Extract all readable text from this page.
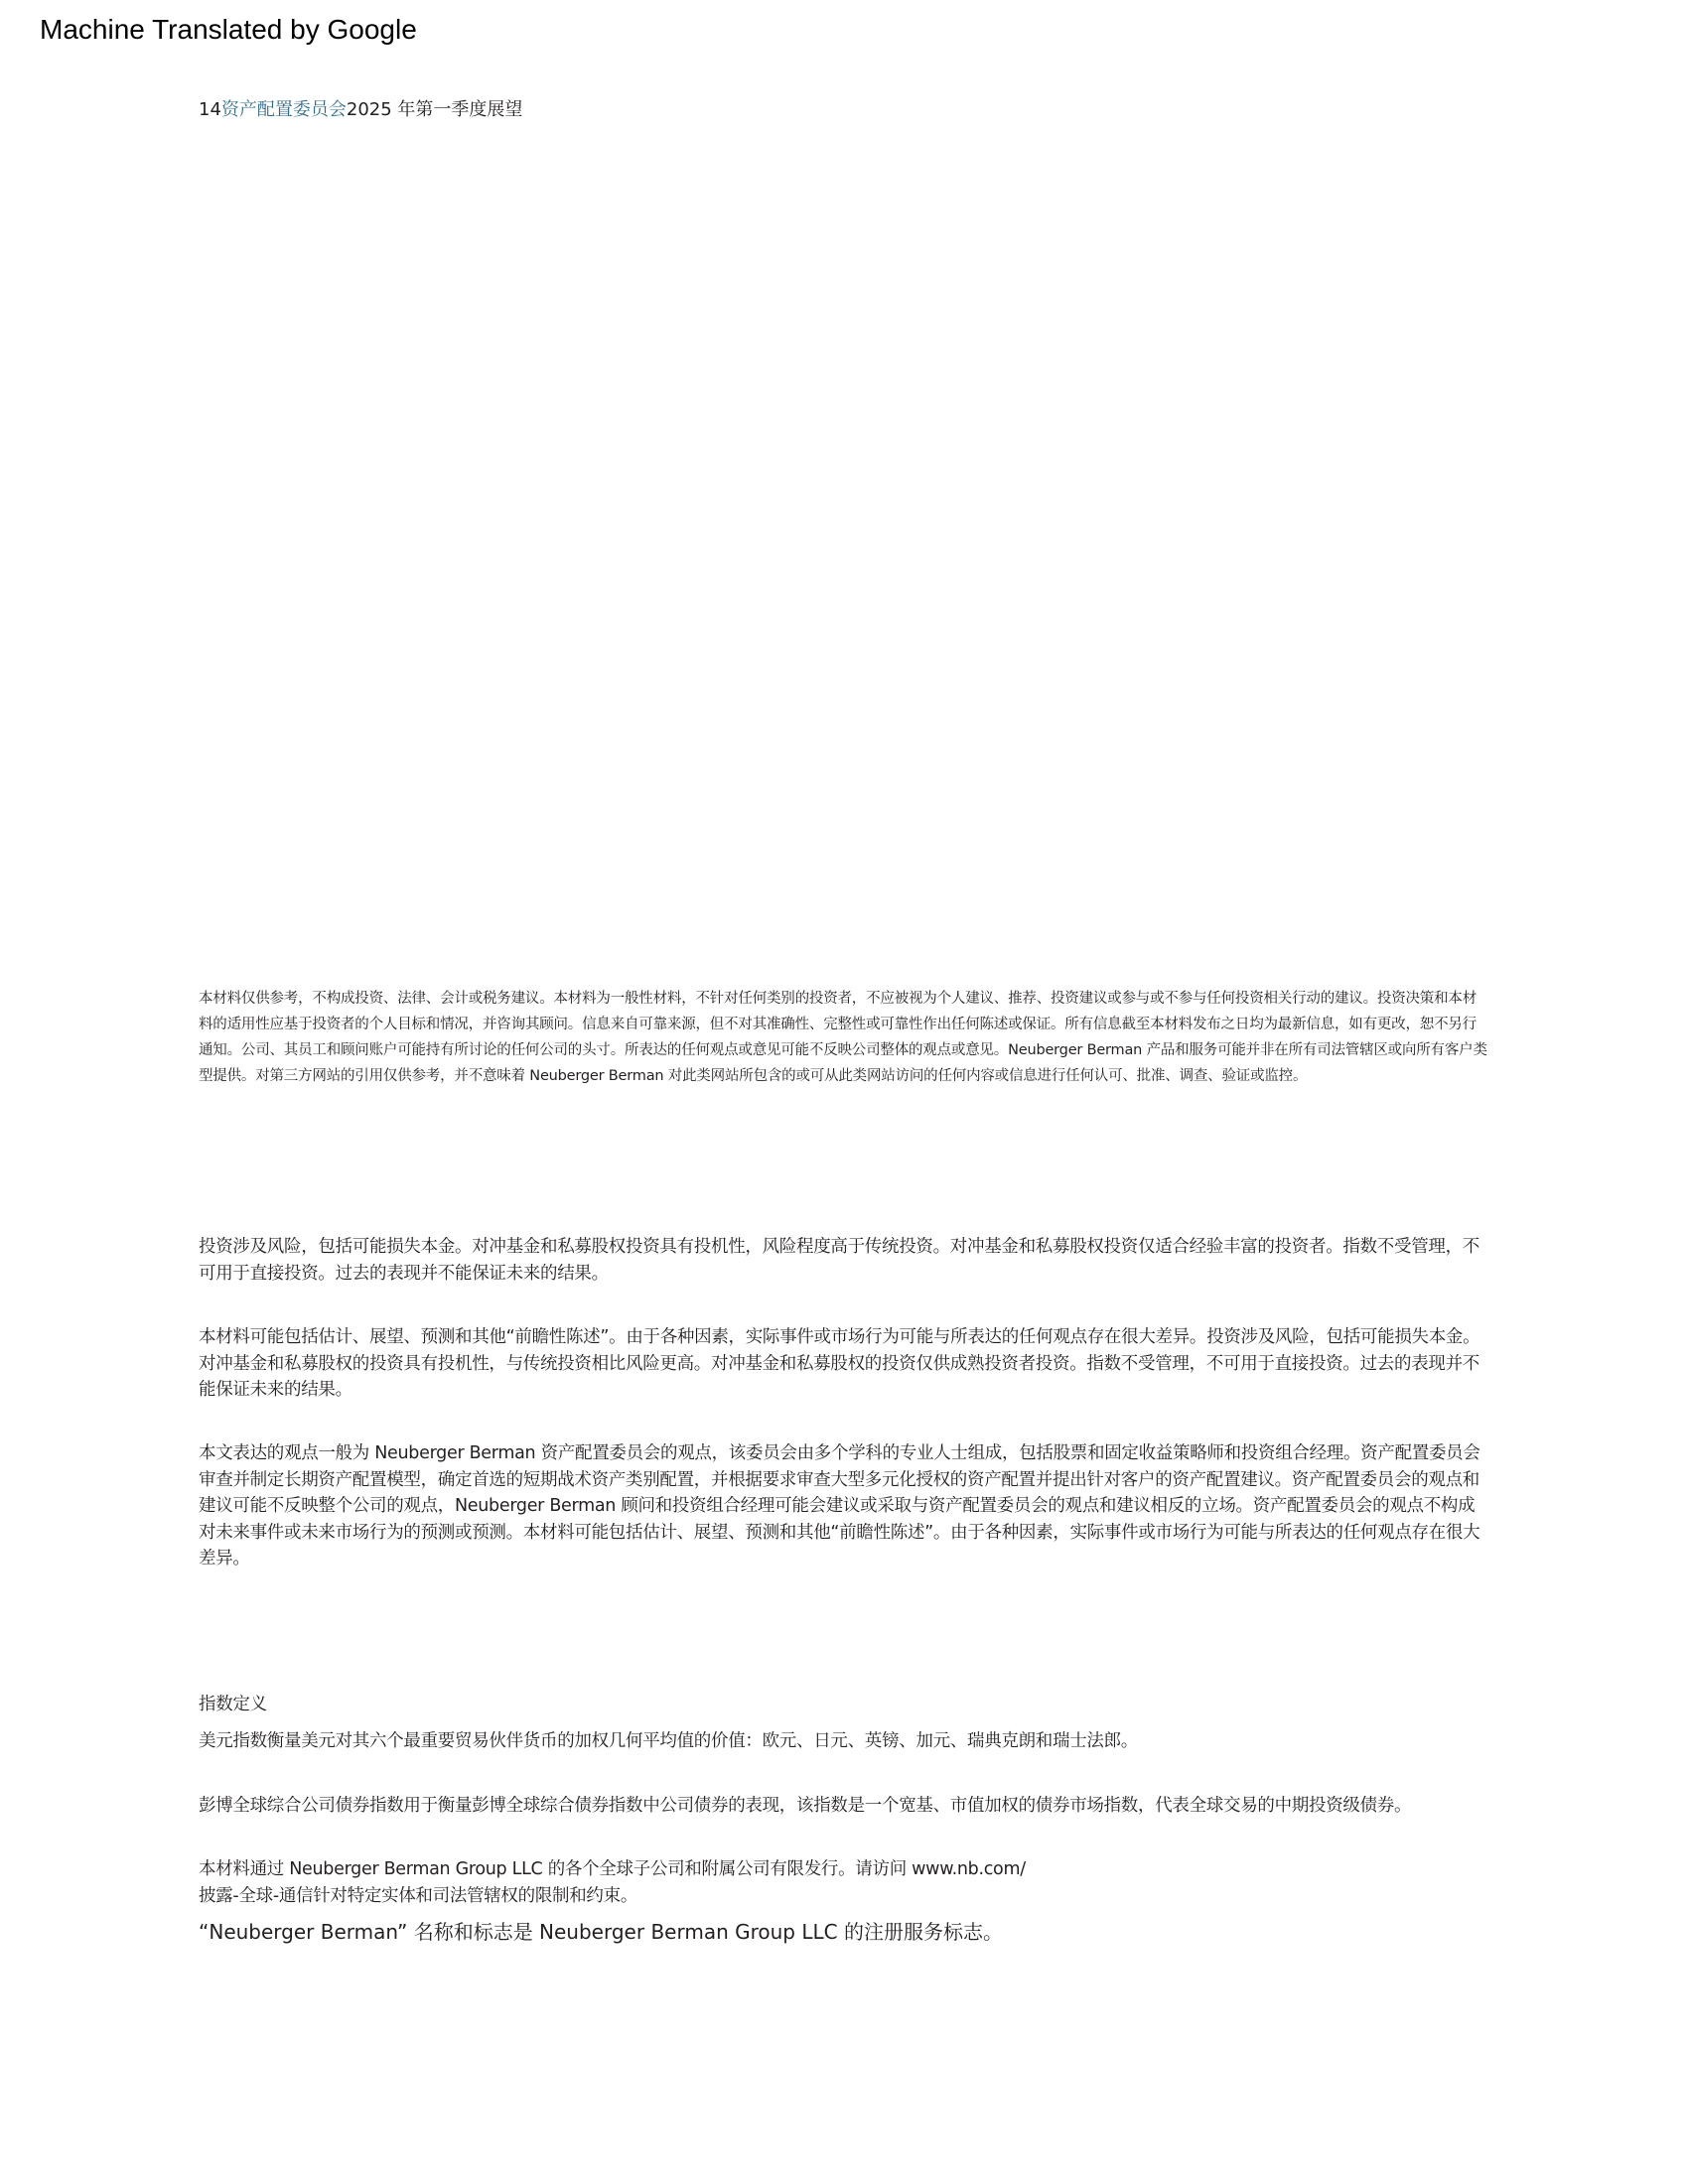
Machine Translated by Google
14资产配置委员会2025 年第一季度展望

本材料仅供参考，不构成投资、法律、会计或税务建议。本材料为一般性材料，不针对任何类别的投资者，不应被视为个人建议、推荐、投资建议或参与或不参与任何投资相关行动的建议。投资决策和本材料的适用性应基于投资者的个人目标和情况，并咨询其顾问。信息来自可靠来源，但不对其准确性、完整性或可靠性作出任何陈述或保证。所有信息截至本材料发布之日均为最新信息，如有更改，恕不另行通知。公司、其员工和顾问账户可能持有所讨论的任何公司的头寸。所表达的任何观点或意见可能不反映公司整体的观点或意见。Neuberger Berman 产品和服务可能并非在所有司法管辖区或向所有客户类型提供。对第三方网站的引用仅供参考，并不意味着 Neuberger Berman 对此类网站所包含的或可从此类网站访问的任何内容或信息进行任何认可、批准、调查、验证或监控。

投资涉及风险，包括可能损失本金。对冲基金和私募股权投资具有投机性，风险程度高于传统投资。对冲基金和私募股权投资仅适合经验丰富的投资者。指数不受管理，不可用于直接投资。过去的表现并不能保证未来的结果。

本材料可能包括估计、展望、预测和其他“前瞻性陈述”。由于各种因素，实际事件或市场行为可能与所表达的任何观点存在很大差异。投资涉及风险，包括可能损失本金。对冲基金和私募股权的投资具有投机性，与传统投资相比风险更高。对冲基金和私募股权的投资仅供成熟投资者投资。指数不受管理，不可用于直接投资。过去的表现并不能保证未来的结果。

本文表达的观点一般为 Neuberger Berman 资产配置委员会的观点，该委员会由多个学科的专业人士组成，包括股票和固定收益策略师和投资组合经理。资产配置委员会审查并制定长期资产配置模型，确定首选的短期战术资产类别配置，并根据要求审查大型多元化授权的资产配置并提出针对客户的资产配置建议。资产配置委员会的观点和建议可能不反映整个公司的观点，Neuberger Berman 顾问和投资组合经理可能会建议或采取与资产配置委员会的观点和建议相反的立场。资产配置委员会的观点不构成对未来事件或未来市场行为的预测或预测。本材料可能包括估计、展望、预测和其他“前瞻性陈述”。由于各种因素，实际事件或市场行为可能与所表达的任何观点存在很大差异。

指数定义

美元指数衡量美元对其六个最重要贸易伙伴货币的加权几何平均值的价值：欧元、日元、英镑、加元、瑞典克朗和瑞士法郎。

彭博全球综合公司债券指数用于衡量彭博全球综合债券指数中公司债券的表现，该指数是一个宽基、市值加权的债券市场指数，代表全球交易的中期投资级债券。

本材料通过 Neuberger Berman Group LLC 的各个全球子公司和附属公司有限发行。请访问 www.nb.com/
披露-全球-通信针对特定实体和司法管辖权的限制和约束。

“Neuberger Berman” 名称和标志是 Neuberger Berman Group LLC 的注册服务标志。
